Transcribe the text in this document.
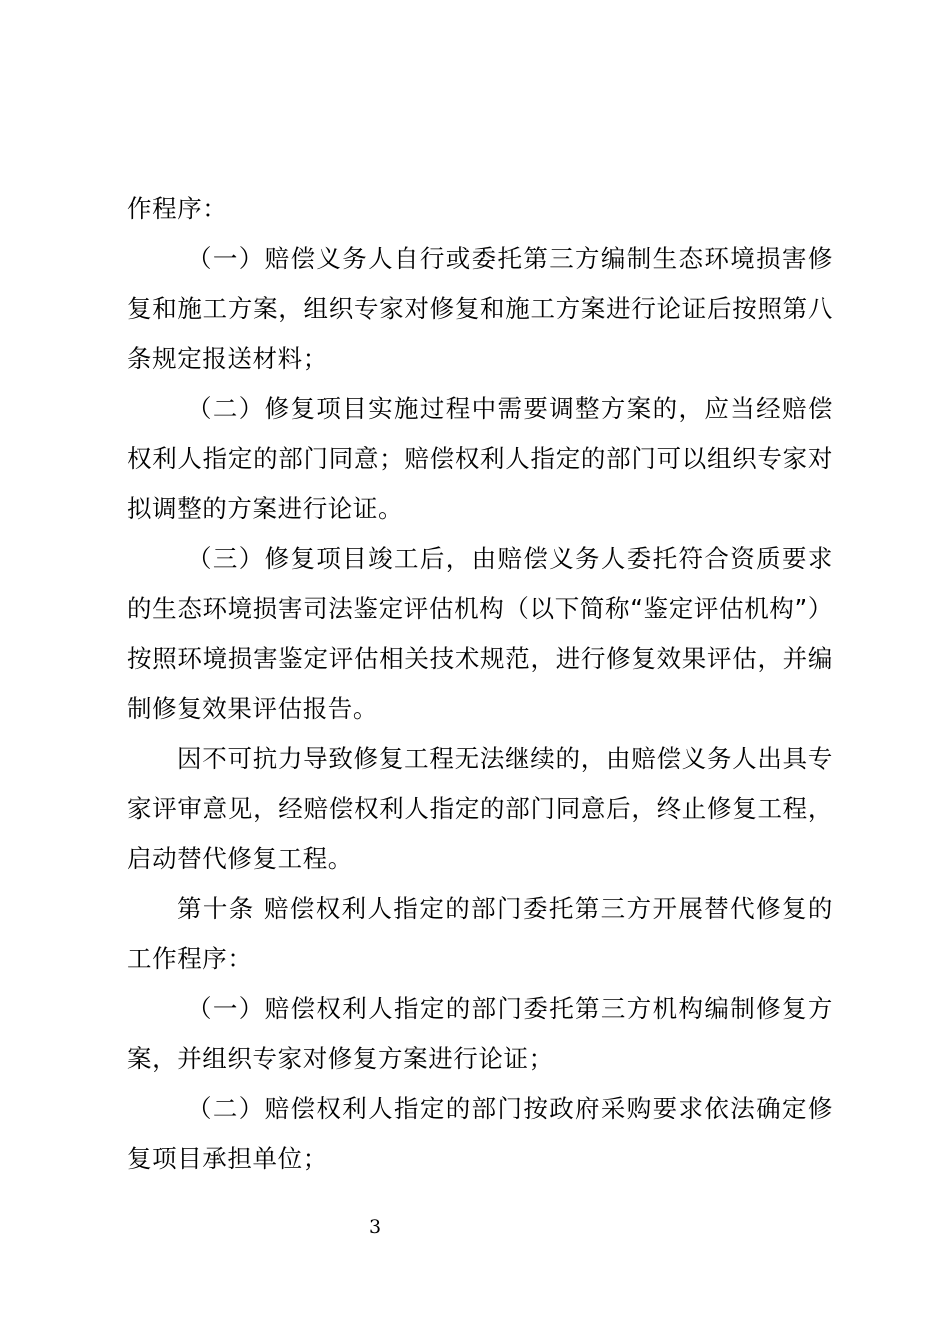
作程序：

（一）赔偿义务人自行或委托第三方编制生态环境损害修复和施工方案，组织专家对修复和施工方案进行论证后按照第八条规定报送材料；

（二）修复项目实施过程中需要调整方案的，应当经赔偿权利人指定的部门同意；赔偿权利人指定的部门可以组织专家对拟调整的方案进行论证。

（三）修复项目竣工后，由赔偿义务人委托符合资质要求的生态环境损害司法鉴定评估机构（以下简称“鉴定评估机构”）按照环境损害鉴定评估相关技术规范，进行修复效果评估，并编制修复效果评估报告。

因不可抗力导致修复工程无法继续的，由赔偿义务人出具专家评审意见，经赔偿权利人指定的部门同意后，终止修复工程，启动替代修复工程。

第十条 赔偿权利人指定的部门委托第三方开展替代修复的工作程序：

（一）赔偿权利人指定的部门委托第三方机构编制修复方案，并组织专家对修复方案进行论证；

（二）赔偿权利人指定的部门按政府采购要求依法确定修复项目承担单位；

3
